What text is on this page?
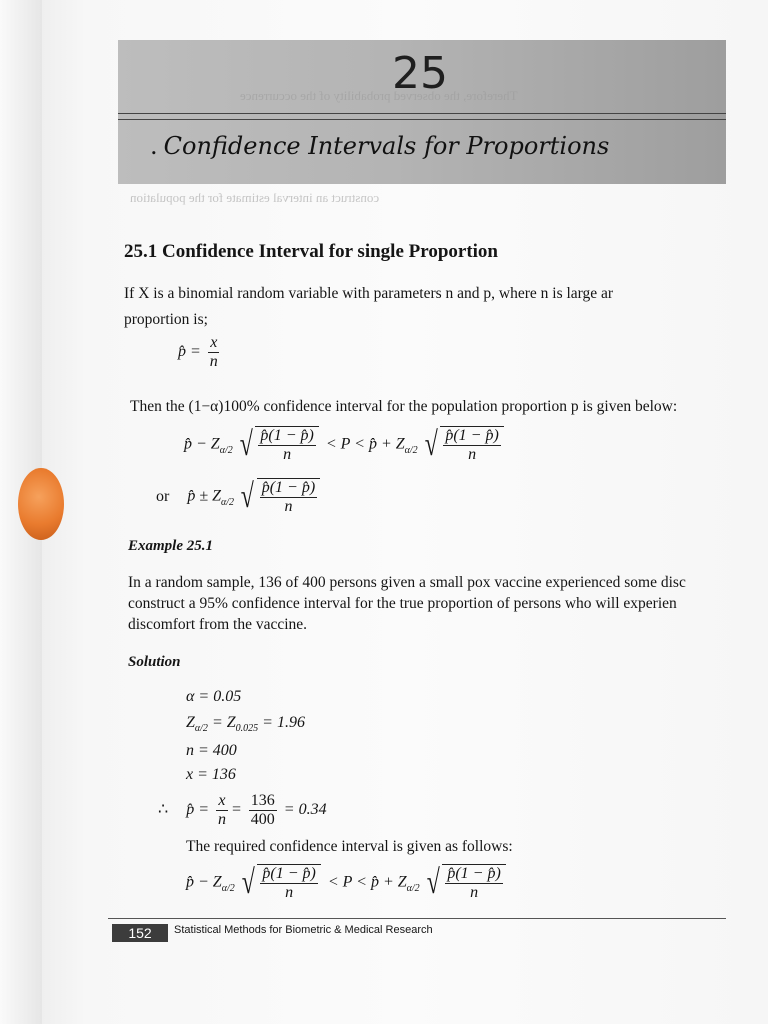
Therefore, the observed probability of the occurrence
construct an interval estimate for the population
25
. Confidence Intervals for Proportions
25.1 Confidence Interval for single Proportion
If X is a binomial random variable with parameters n and p, where n is large ar
proportion is;
p̂ = $\frac{x}{n}$
Then the (1−α)100% confidence interval for the population proportion p is given below:
p̂ − $Z_{\alpha/2}$ √ $\frac{p̂(1 - p̂)}{n} < P$ < p̂ + $Z_{\alpha/2}$ √ $\frac{p̂(1 - p̂)}{n}$
or p̂ ± $Z_{\alpha/2}$ √ $\frac{p̂(1 - p̂)}{n}$
Example 25.1
In a random sample, 136 of 400 persons given a small pox vaccine experienced some disc
construct a 95% confidence interval for the true proportion of persons who will experien
discomfort from the vaccine.
Solution
α = 0.05
$Z_{\alpha/2} = Z_{0.025} = 1.96$
n = 400
x = 136
∴ p̂ = $\frac{x}{n} = \frac{136}{400} = 0.34$
The required confidence interval is given as follows:
p̂ − $Z_{\alpha/2}$ √ $\frac{p̂(1 - p̂)}{n} < P$ < p̂ + $Z_{\alpha/2}$ √ $\frac{p̂(1 - p̂)}{n}$
152	Statistical Methods for Biometric & Medical Research
